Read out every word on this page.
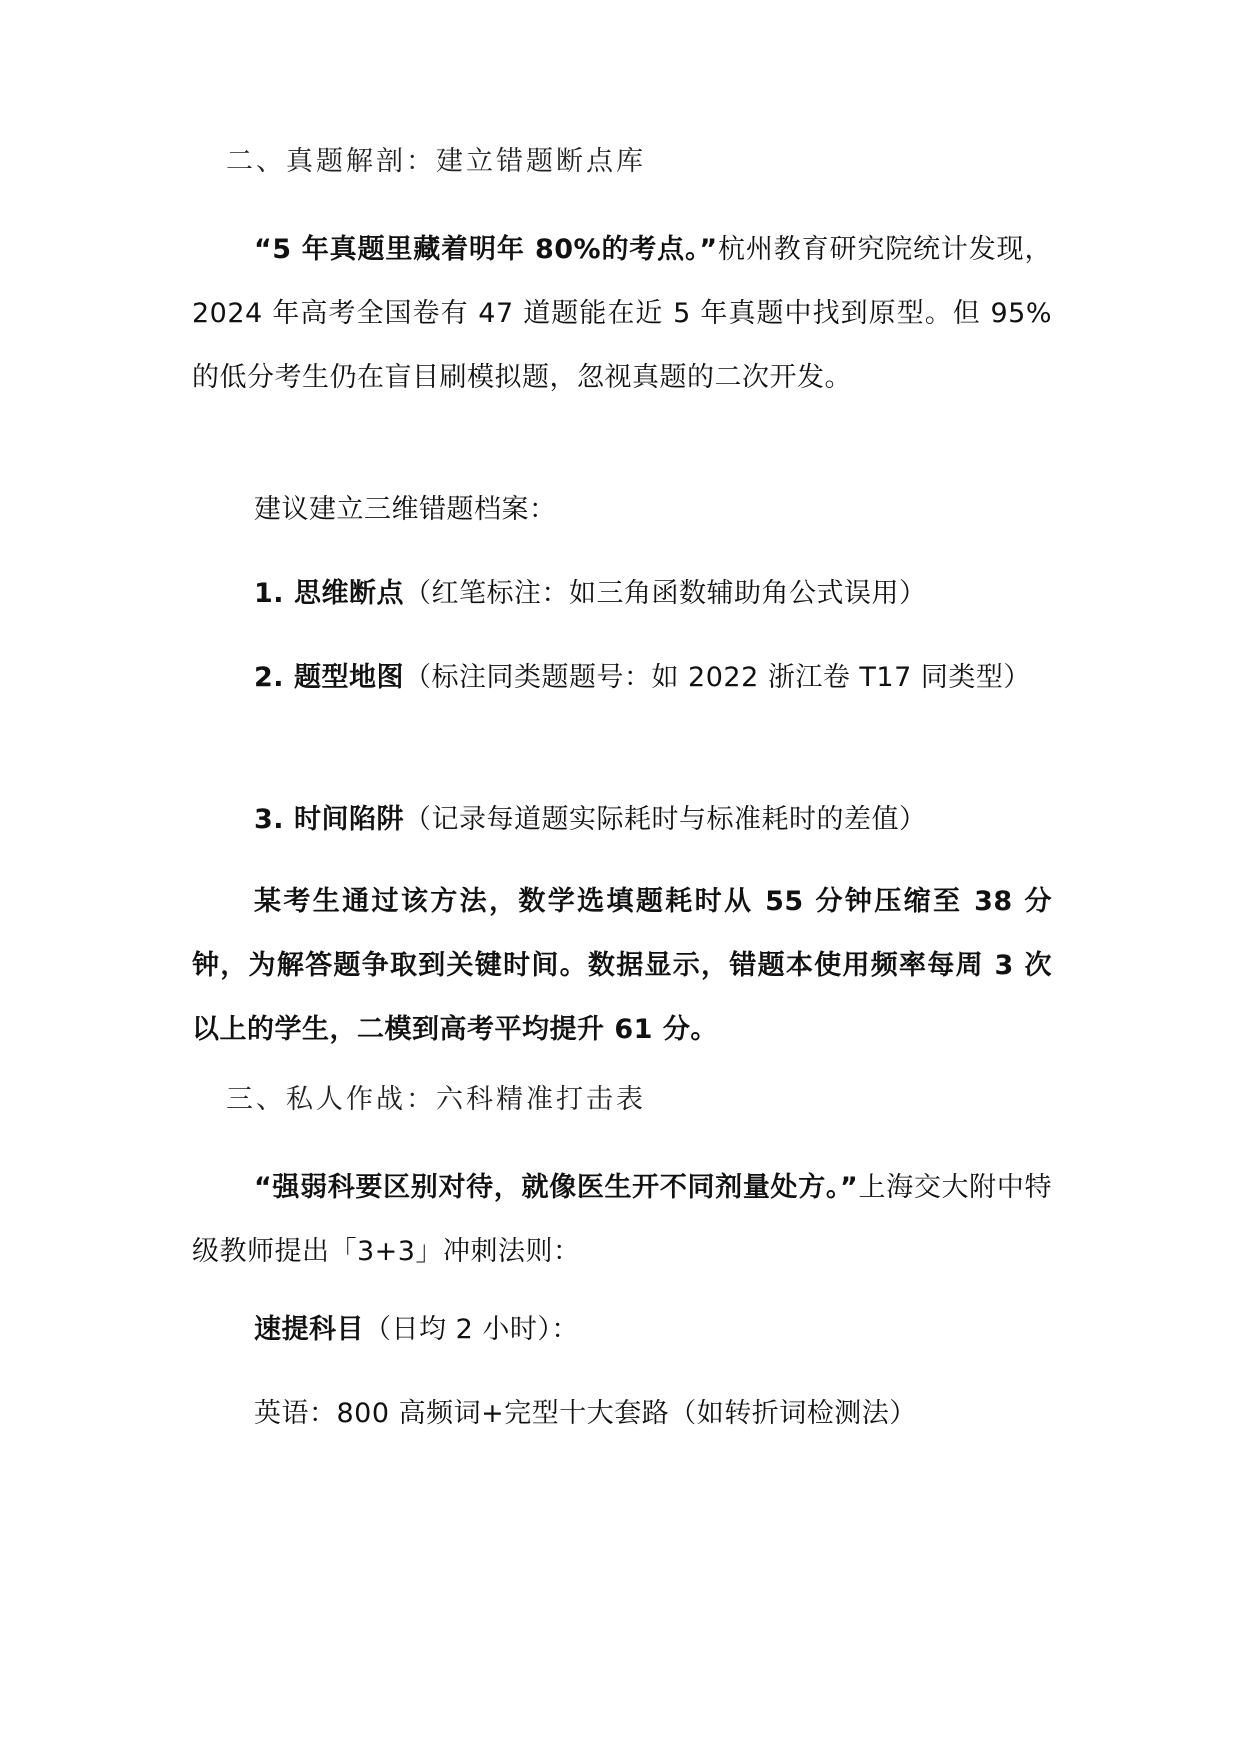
二、真题解剖：建立错题断点库

“5 年真题里藏着明年 80%的考点。”杭州教育研究院统计发现，2024 年高考全国卷有 47 道题能在近 5 年真题中找到原型。但 95%的低分考生仍在盲目刷模拟题，忽视真题的二次开发。

建议建立三维错题档案：

1. 思维断点（红笔标注：如三角函数辅助角公式误用）

2. 题型地图（标注同类题题号：如 2022 浙江卷 T17 同类型）

3. 时间陷阱（记录每道题实际耗时与标准耗时的差值）

某考生通过该方法，数学选填题耗时从 55 分钟压缩至 38 分钟，为解答题争取到关键时间。数据显示，错题本使用频率每周 3 次以上的学生，二模到高考平均提升 61 分。

三、私人作战：六科精准打击表

“强弱科要区别对待，就像医生开不同剂量处方。”上海交大附中特级教师提出「3+3」冲刺法则：

速提科目（日均 2 小时）：

英语：800 高频词+完型十大套路（如转折词检测法）
